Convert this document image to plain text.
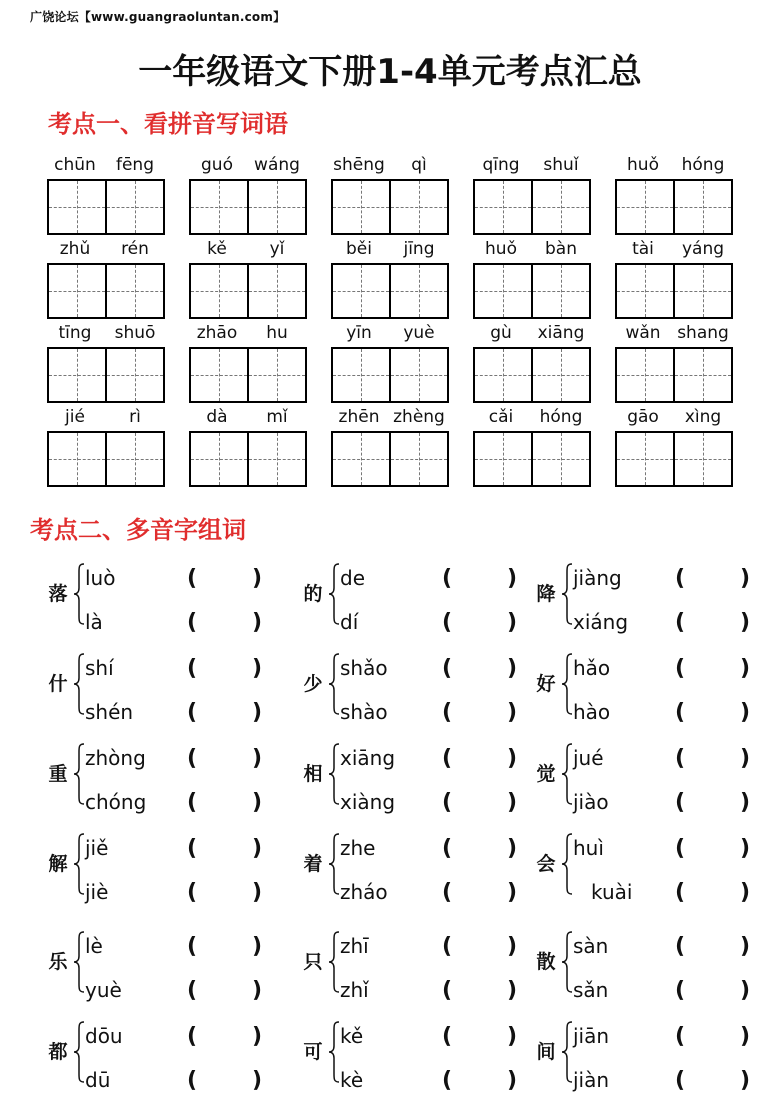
广饶论坛【www.guangraoluntan.com】
一年级语文下册1-4单元考点汇总
考点一、看拼音写词语
chūn	fēng	guó	wáng	shēng	qì	qīng	shuǐ	huǒ	hóng
zhǔ	rén	kě	yǐ	běi	jīng	huǒ	bàn	tài	yáng
tīng	shuō	zhāo	hu	yīn	yuè	gù	xiāng	wǎn shang
jié	rì	dà	mǐ	zhēn zhèng	cǎi	hóng	gāo	xìng
考点二、多音字组词
落
luò	( )
là	( )
的
de	( )
dí	( )
降
jiàng	( )
xiáng	( )
什
shí	( )
shén	( )
少
shǎo	( )
shào	( )
好
hǎo	( )
hào	( )
重
zhòng	( )
chóng	( )
相
xiāng	( )
xiàng	( )
觉
jué	( )
jiào	( )
解
jiě	( )
jiè	( )
着
zhe	( )
zháo	( )
会
huì	( )
kuài	( )
乐
lè	( )
yuè	( )
只
zhī	( )
zhǐ	( )
散
sàn	( )
sǎn	( )
都
dōu	( )
dū	( )
可
kě	( )
kè	( )
间
jiān	( )
jiàn	( )
